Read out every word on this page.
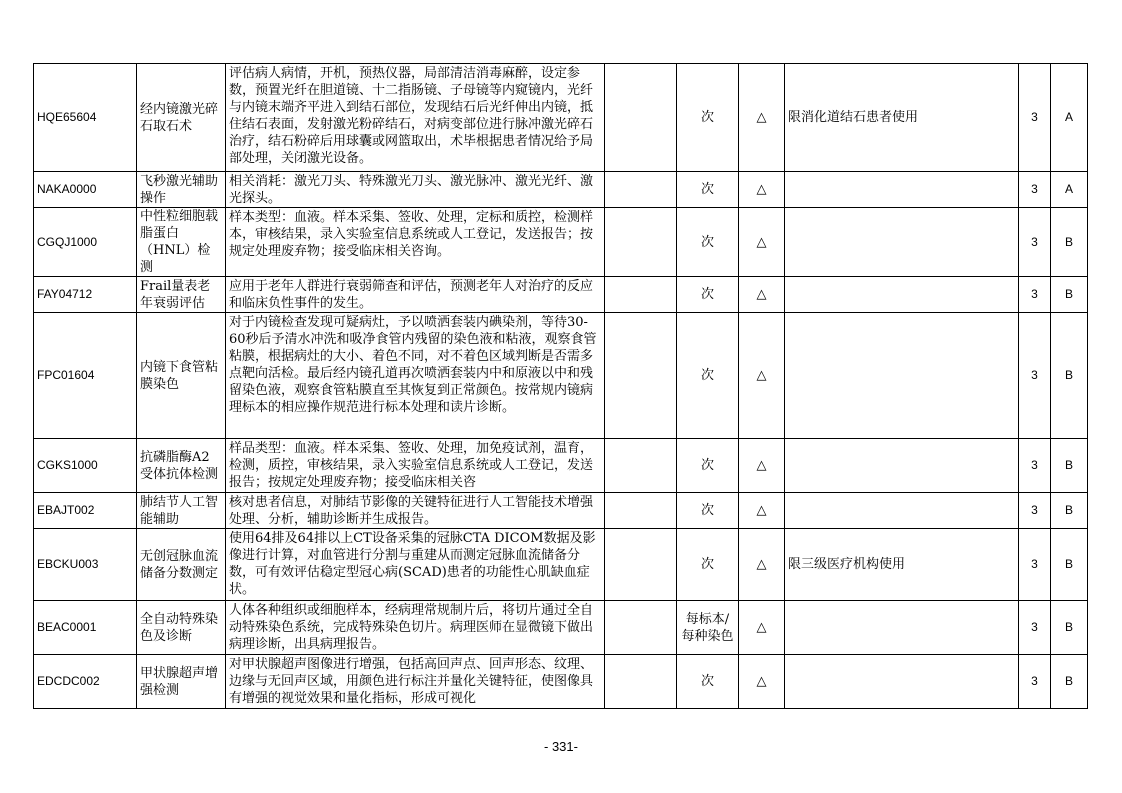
HQE65604	经内镜激光碎石取石术	评估病人病情，开机，预热仪器，局部清洁消毒麻醉，设定参数，预置光纤在胆道镜、十二指肠镜、子母镜等内窥镜内，光纤与内镜末端齐平进入到结石部位，发现结石后光纤伸出内镜，抵住结石表面，发射激光粉碎结石，对病变部位进行脉冲激光碎石治疗，结石粉碎后用球囊或网篮取出，术毕根据患者情况给予局部处理，关闭激光设备。		次	△	限消化道结石患者使用	3	A
NAKA0000	飞秒激光辅助操作	相关消耗：激光刀头、特殊激光刀头、激光脉冲、激光光纤、激光探头。		次	△		3	A
CGQJ1000	中性粒细胞载脂蛋白（HNL）检测	样本类型：血液。样本采集、签收、处理，定标和质控，检测样本，审核结果，录入实验室信息系统或人工登记，发送报告；按规定处理废弃物；接受临床相关咨询。		次	△		3	B
FAY04712	Frail量表老年衰弱评估	应用于老年人群进行衰弱筛查和评估，预测老年人对治疗的反应和临床负性事件的发生。		次	△		3	B
FPC01604	内镜下食管粘膜染色	对于内镜检查发现可疑病灶，予以喷洒套装内碘染剂，等待30-60秒后予清水冲洗和吸净食管内残留的染色液和粘液，观察食管粘膜，根据病灶的大小、着色不同，对不着色区域判断是否需多点靶向活检。最后经内镜孔道再次喷洒套装内中和原液以中和残留染色液，观察食管粘膜直至其恢复到正常颜色。按常规内镜病理标本的相应操作规范进行标本处理和读片诊断。		次	△		3	B
CGKS1000	抗磷脂酶A2受体抗体检测	样品类型：血液。样本采集、签收、处理，加免疫试剂，温育，检测，质控，审核结果，录入实验室信息系统或人工登记，发送报告；按规定处理废弃物；接受临床相关咨		次	△		3	B
EBAJT002	肺结节人工智能辅助	核对患者信息，对肺结节影像的关键特征进行人工智能技术增强处理、分析，辅助诊断并生成报告。		次	△		3	B
EBCKU003	无创冠脉血流储备分数测定	使用64排及64排以上CT设备采集的冠脉CTA DICOM数据及影像进行计算，对血管进行分割与重建从而测定冠脉血流储备分数，可有效评估稳定型冠心病(SCAD)患者的功能性心肌缺血症状。		次	△	限三级医疗机构使用	3	B
BEAC0001	全自动特殊染色及诊断	人体各种组织或细胞样本，经病理常规制片后，将切片通过全自动特殊染色系统，完成特殊染色切片。病理医师在显微镜下做出病理诊断，出具病理报告。		每标本/每种染色	△		3	B
EDCDC002	甲状腺超声增强检测	对甲状腺超声图像进行增强，包括高回声点、回声形态、纹理、边缘与无回声区域，用颜色进行标注并量化关键特征，使图像具有增强的视觉效果和量化指标，形成可视化		次	△		3	B
- 331-
